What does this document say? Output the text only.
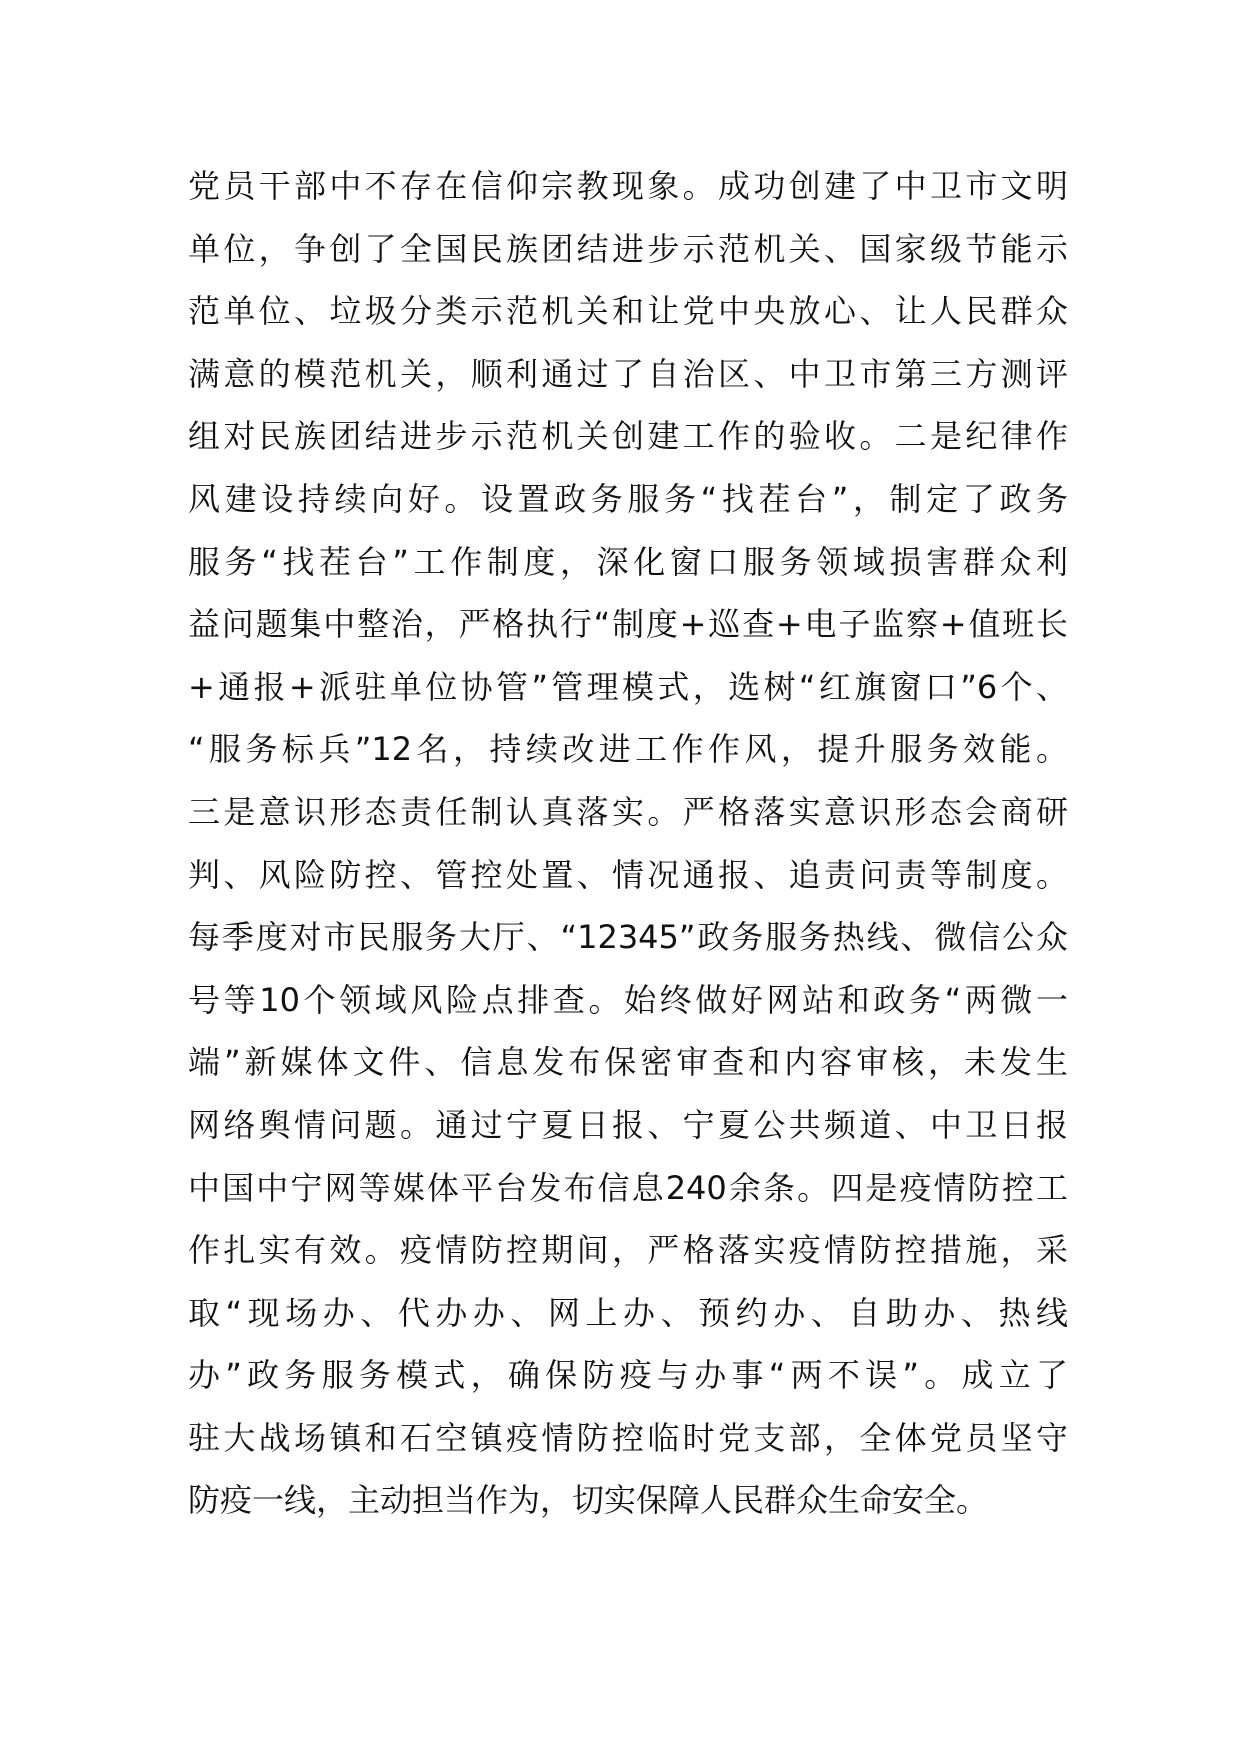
党员干部中不存在信仰宗教现象。成功创建了中卫市文明
单位，争创了全国民族团结进步示范机关、国家级节能示
范单位、垃圾分类示范机关和让党中央放心、让人民群众
满意的模范机关，顺利通过了自治区、中卫市第三方测评
组对民族团结进步示范机关创建工作的验收。二是纪律作
风建设持续向好。设置政务服务“找茬台”，制定了政务
服务“找茬台”工作制度，深化窗口服务领域损害群众利
益问题集中整治，严格执行“制度+巡查+电子监察+值班长
+通报+派驻单位协管”管理模式，选树“红旗窗口”6个、
“服务标兵”12名，持续改进工作作风，提升服务效能。
三是意识形态责任制认真落实。严格落实意识形态会商研
判、风险防控、管控处置、情况通报、追责问责等制度。
每季度对市民服务大厅、“12345”政务服务热线、微信公众
号等10个领域风险点排查。始终做好网站和政务“两微一
端”新媒体文件、信息发布保密审查和内容审核，未发生
网络舆情问题。通过宁夏日报、宁夏公共频道、中卫日报
中国中宁网等媒体平台发布信息240余条。四是疫情防控工
作扎实有效。疫情防控期间，严格落实疫情防控措施，采
取“现场办、代办办、网上办、预约办、自助办、热线
办”政务服务模式，确保防疫与办事“两不误”。成立了
驻大战场镇和石空镇疫情防控临时党支部，全体党员坚守
防疫一线，主动担当作为，切实保障人民群众生命安全。
